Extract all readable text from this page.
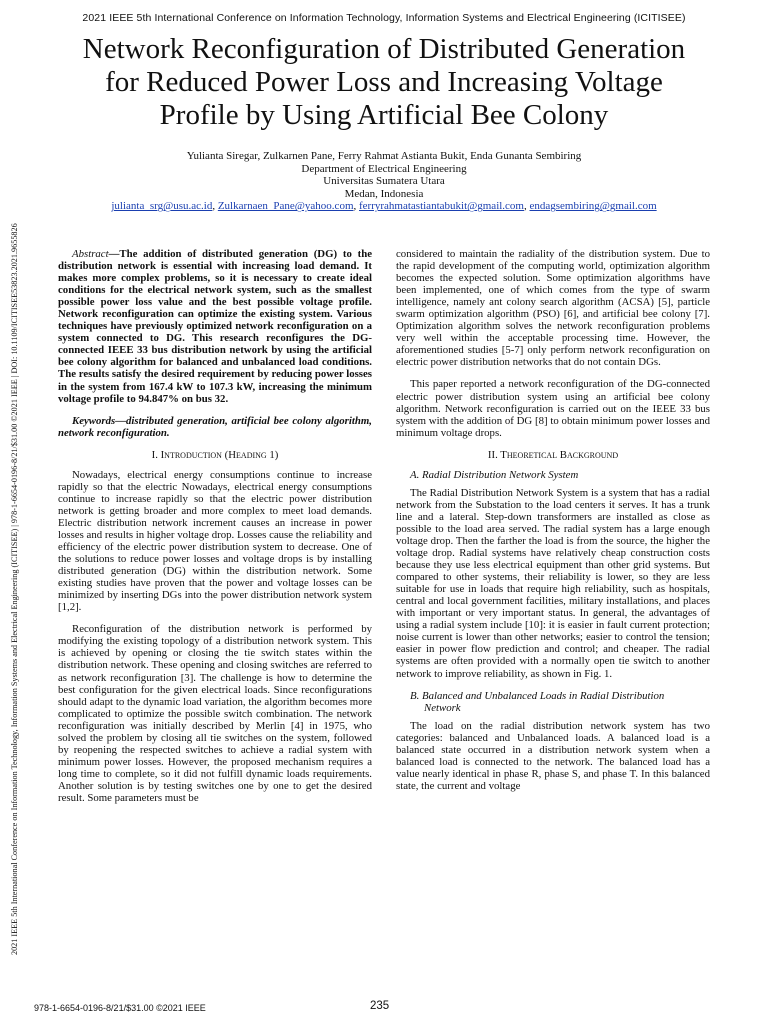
2021 IEEE 5th International Conference on Information Technology, Information Systems and Electrical Engineering (ICITISEE)
2021 IEEE 5th International Conference on Information Technology, Information Systems and Electrical Engineering (ICITISEE) | 978-1-6654-0196-8/21/$31.00 ©2021 IEEE | DOI: 10.1109/ICITISEE53823.2021.9655826
Network Reconfiguration of Distributed Generation
for Reduced Power Loss and Increasing Voltage
Profile by Using Artificial Bee Colony
Yulianta Siregar, Zulkarnen Pane, Ferry Rahmat Astianta Bukit, Enda Gunanta Sembiring
Department of Electrical Engineering
Universitas Sumatera Utara
Medan, Indonesia
julianta_srg@usu.ac.id, Zulkarnaen_Pane@yahoo.com, ferryrahmatastiantabukit@gmail.com, endagsembiring@gmail.com
Abstract—The addition of distributed generation (DG) to the distribution network is essential with increasing load demand. It makes more complex problems, so it is necessary to create ideal conditions for the electrical network system, such as the smallest possible power loss value and the best possible voltage profile. Network reconfiguration can optimize the existing system. Various techniques have previously optimized network reconfiguration on a system connected to DG. This research reconfigures the DG-connected IEEE 33 bus distribution network by using the artificial bee colony algorithm for balanced and unbalanced load conditions. The results satisfy the desired requirement by reducing power losses in the system from 167.4 kW to 107.3 kW, increasing the minimum voltage profile to 94.847% on bus 32.
Keywords—distributed generation, artificial bee colony algorithm, network reconfiguration.
I. Introduction (Heading 1)

Nowadays, electrical energy consumptions continue to increase rapidly so that the electric Nowadays, electrical energy consumptions continue to increase rapidly so that the electric power distribution network is getting broader and more complex to meet load demands. Electric distribution network increment causes an increase in power losses and results in higher voltage drop. Losses cause the reliability and efficiency of the electric power distribution system to decrease. One of the solutions to reduce power losses and voltage drops is by installing distributed generation (DG) within the distribution network. Some existing studies have proven that the power and voltage losses can be minimized by inserting DGs into the power distribution network system [1,2].

Reconfiguration of the distribution network is performed by modifying the existing topology of a distribution network system. This is achieved by opening or closing the tie switch states within the distribution network. These opening and closing switches are referred to as network reconfiguration [3]. The challenge is how to determine the best configuration for the given electrical loads. Since reconfigurations should adapt to the dynamic load variation, the algorithm becomes more complicated to optimize the possible switch combination. The network reconfiguration was initially described by Merlin [4] in 1975, who solved the problem by closing all tie switches on the system, followed by reopening the respected switches to achieve a radial system with minimum power losses. However, the proposed mechanism requires a long time to complete, so it did not fulfill dynamic loads requirements. Another solution is by testing switches one by one to get the desired result. Some parameters must be

considered to maintain the radiality of the distribution system. Due to the rapid development of the computing world, optimization algorithm becomes the expected solution. Some optimization algorithms have been implemented, one of which comes from the type of swarm intelligence, namely ant colony search algorithm (ACSA) [5], particle swarm optimization algorithm (PSO) [6], and artificial bee colony [7]. Optimization algorithm solves the network reconfiguration problems very well within the acceptable processing time. However, the aforementioned studies [5-7] only perform network reconfiguration on electric power distribution networks that do not contain DGs.

This paper reported a network reconfiguration of the DG-connected electric power distribution system using an artificial bee colony algorithm. Network reconfiguration is carried out on the IEEE 33 bus system with the addition of DG [8] to obtain minimum power losses and minimum voltage drops.

II. Theoretical Background
A. Radial Distribution Network System

The Radial Distribution Network System is a system that has a radial network from the Substation to the load centers it serves. It has a trunk line and a lateral. Step-down transformers are installed as close as possible to the load area served. The radial system has a large enough voltage drop. Then the farther the load is from the source, the higher the voltage drop. Radial systems have relatively cheap construction costs because they use less electrical equipment than other grid systems. But compared to other systems, their reliability is lower, so they are less suitable for use in loads that require high reliability, such as hospitals, central and local government facilities, military installations, and places with important or very important status. In general, the advantages of using a radial system include [10]: it is easier in fault current protection; noise current is lower than other networks; easier to control the tension; easier in power flow prediction and control; and cheaper. The radial systems are often provided with a normally open tie switch to another network to improve reliability, as shown in Fig. 1.

B. Balanced and Unbalanced Loads in Radial Distribution
Network

The load on the radial distribution network system has two categories: balanced and Unbalanced loads. A balanced load is a balanced state occurred in a distribution network system when a balanced load is connected to the network. The balanced load has a value nearly identical in phase R, phase S, and phase T. In this balanced state, the current and voltage

978-1-6654-0196-8/21/$31.00 ©2021 IEEE	235
